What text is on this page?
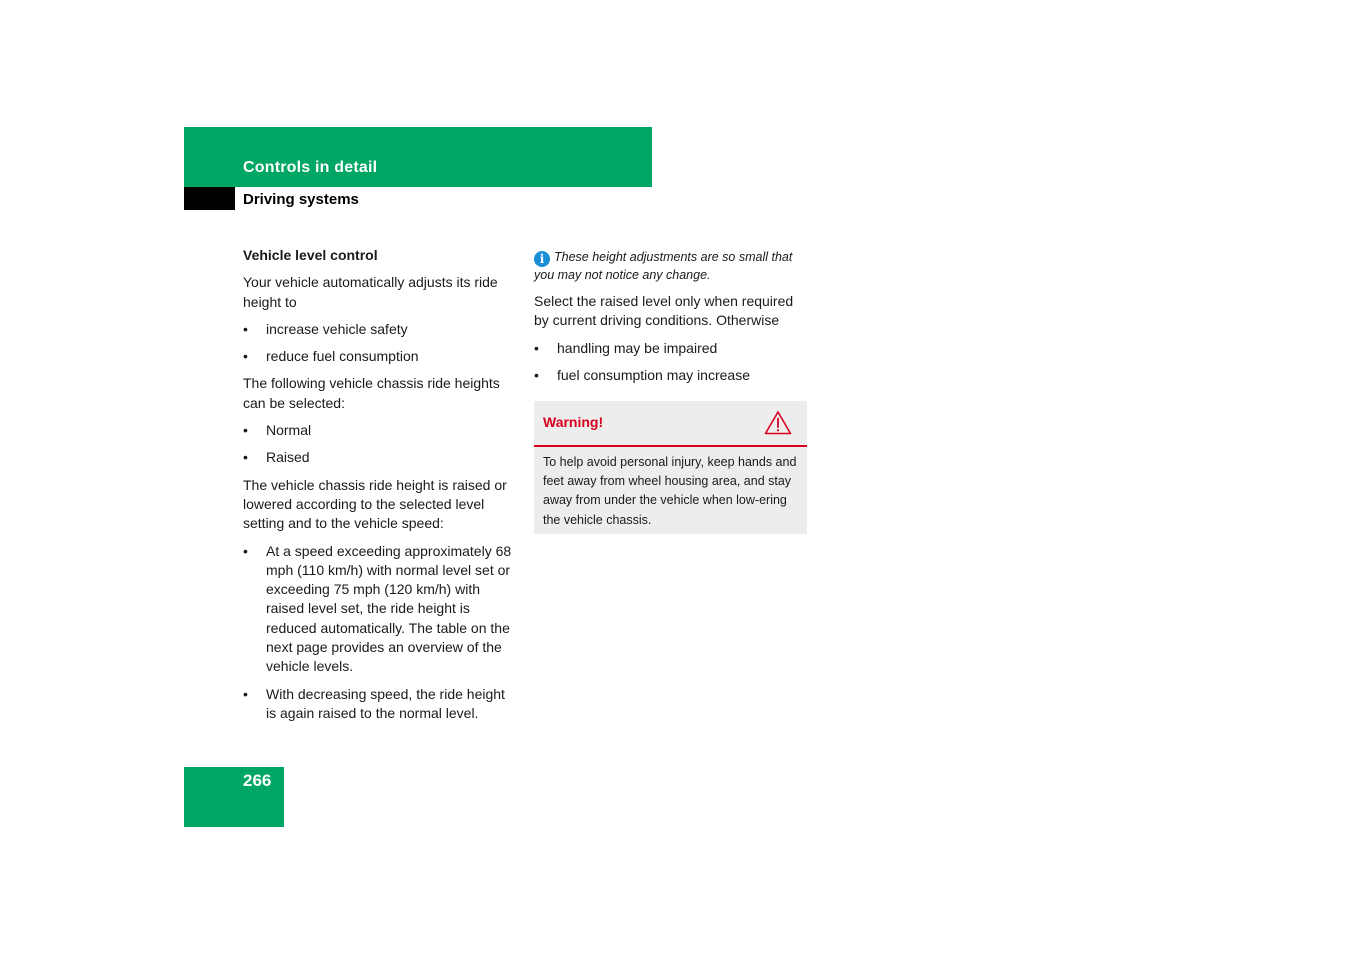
Controls in detail
Driving systems

Vehicle level control

Your vehicle automatically adjusts its ride height to

• increase vehicle safety
• reduce fuel consumption

The following vehicle chassis ride heights can be selected:

• Normal
• Raised

The vehicle chassis ride height is raised or lowered according to the selected level setting and to the vehicle speed:

• At a speed exceeding approximately 68 mph (110 km/h) with normal level set or exceeding 75 mph (120 km/h) with raised level set, the ride height is reduced automatically. The table on the next page provides an overview of the vehicle levels.
• With decreasing speed, the ride height is again raised to the normal level.

i These height adjustments are so small that you may not notice any change.

Select the raised level only when required by current driving conditions. Otherwise

• handling may be impaired
• fuel consumption may increase
Warning!
To help avoid personal injury, keep hands and feet away from wheel housing area, and stay away from under the vehicle when low-ering the vehicle chassis.
266
